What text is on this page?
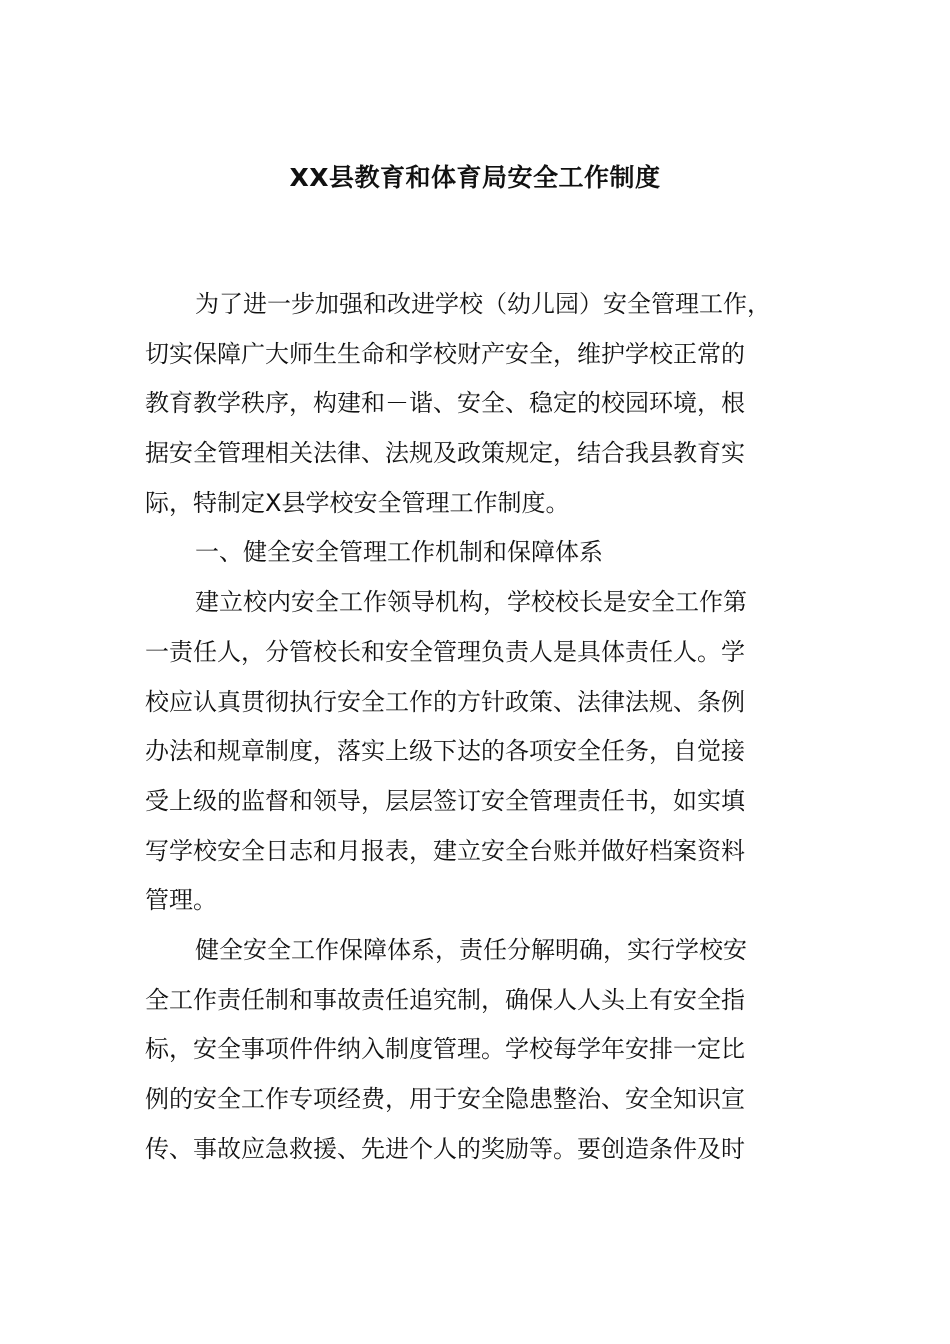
XX县教育和体育局安全工作制度
为了进一步加强和改进学校（幼儿园）安全管理工作，
切实保障广大师生生命和学校财产安全，维护学校正常的
教育教学秩序，构建和－谐、安全、稳定的校园环境，根
据安全管理相关法律、法规及政策规定，结合我县教育实
际，特制定X县学校安全管理工作制度。
一、健全安全管理工作机制和保障体系
建立校内安全工作领导机构，学校校长是安全工作第
一责任人，分管校长和安全管理负责人是具体责任人。学
校应认真贯彻执行安全工作的方针政策、法律法规、条例
办法和规章制度，落实上级下达的各项安全任务，自觉接
受上级的监督和领导，层层签订安全管理责任书，如实填
写学校安全日志和月报表，建立安全台账并做好档案资料
管理。
健全安全工作保障体系，责任分解明确，实行学校安
全工作责任制和事故责任追究制，确保人人头上有安全指
标，安全事项件件纳入制度管理。学校每学年安排一定比
例的安全工作专项经费，用于安全隐患整治、安全知识宣
传、事故应急救援、先进个人的奖励等。要创造条件及时
